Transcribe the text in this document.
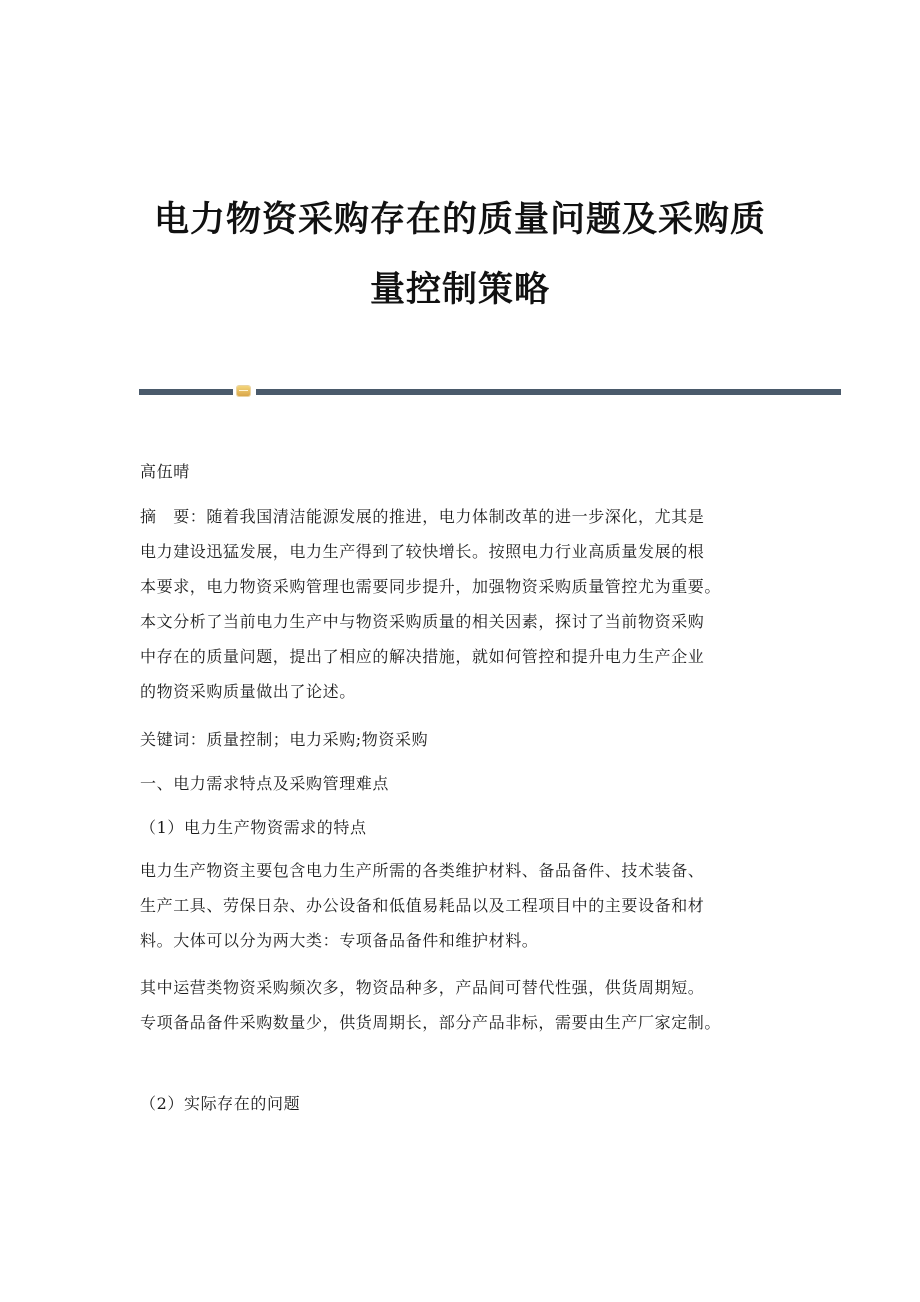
电力物资采购存在的质量问题及采购质
量控制策略
高伍晴
摘　要：随着我国清洁能源发展的推进，电力体制改革的进一步深化，尤其是
电力建设迅猛发展，电力生产得到了较快增长。按照电力行业高质量发展的根
本要求，电力物资采购管理也需要同步提升，加强物资采购质量管控尤为重要。
本文分析了当前电力生产中与物资采购质量的相关因素，探讨了当前物资采购
中存在的质量问题，提出了相应的解决措施，就如何管控和提升电力生产企业
的物资采购质量做出了论述。
关键词：质量控制；电力采购;物资采购
一、电力需求特点及采购管理难点
（1）电力生产物资需求的特点
电力生产物资主要包含电力生产所需的各类维护材料、备品备件、技术装备、
生产工具、劳保日杂、办公设备和低值易耗品以及工程项目中的主要设备和材
料。大体可以分为两大类：专项备品备件和维护材料。
其中运营类物资采购频次多，物资品种多，产品间可替代性强，供货周期短。
专项备品备件采购数量少，供货周期长，部分产品非标，需要由生产厂家定制。
（2）实际存在的问题
